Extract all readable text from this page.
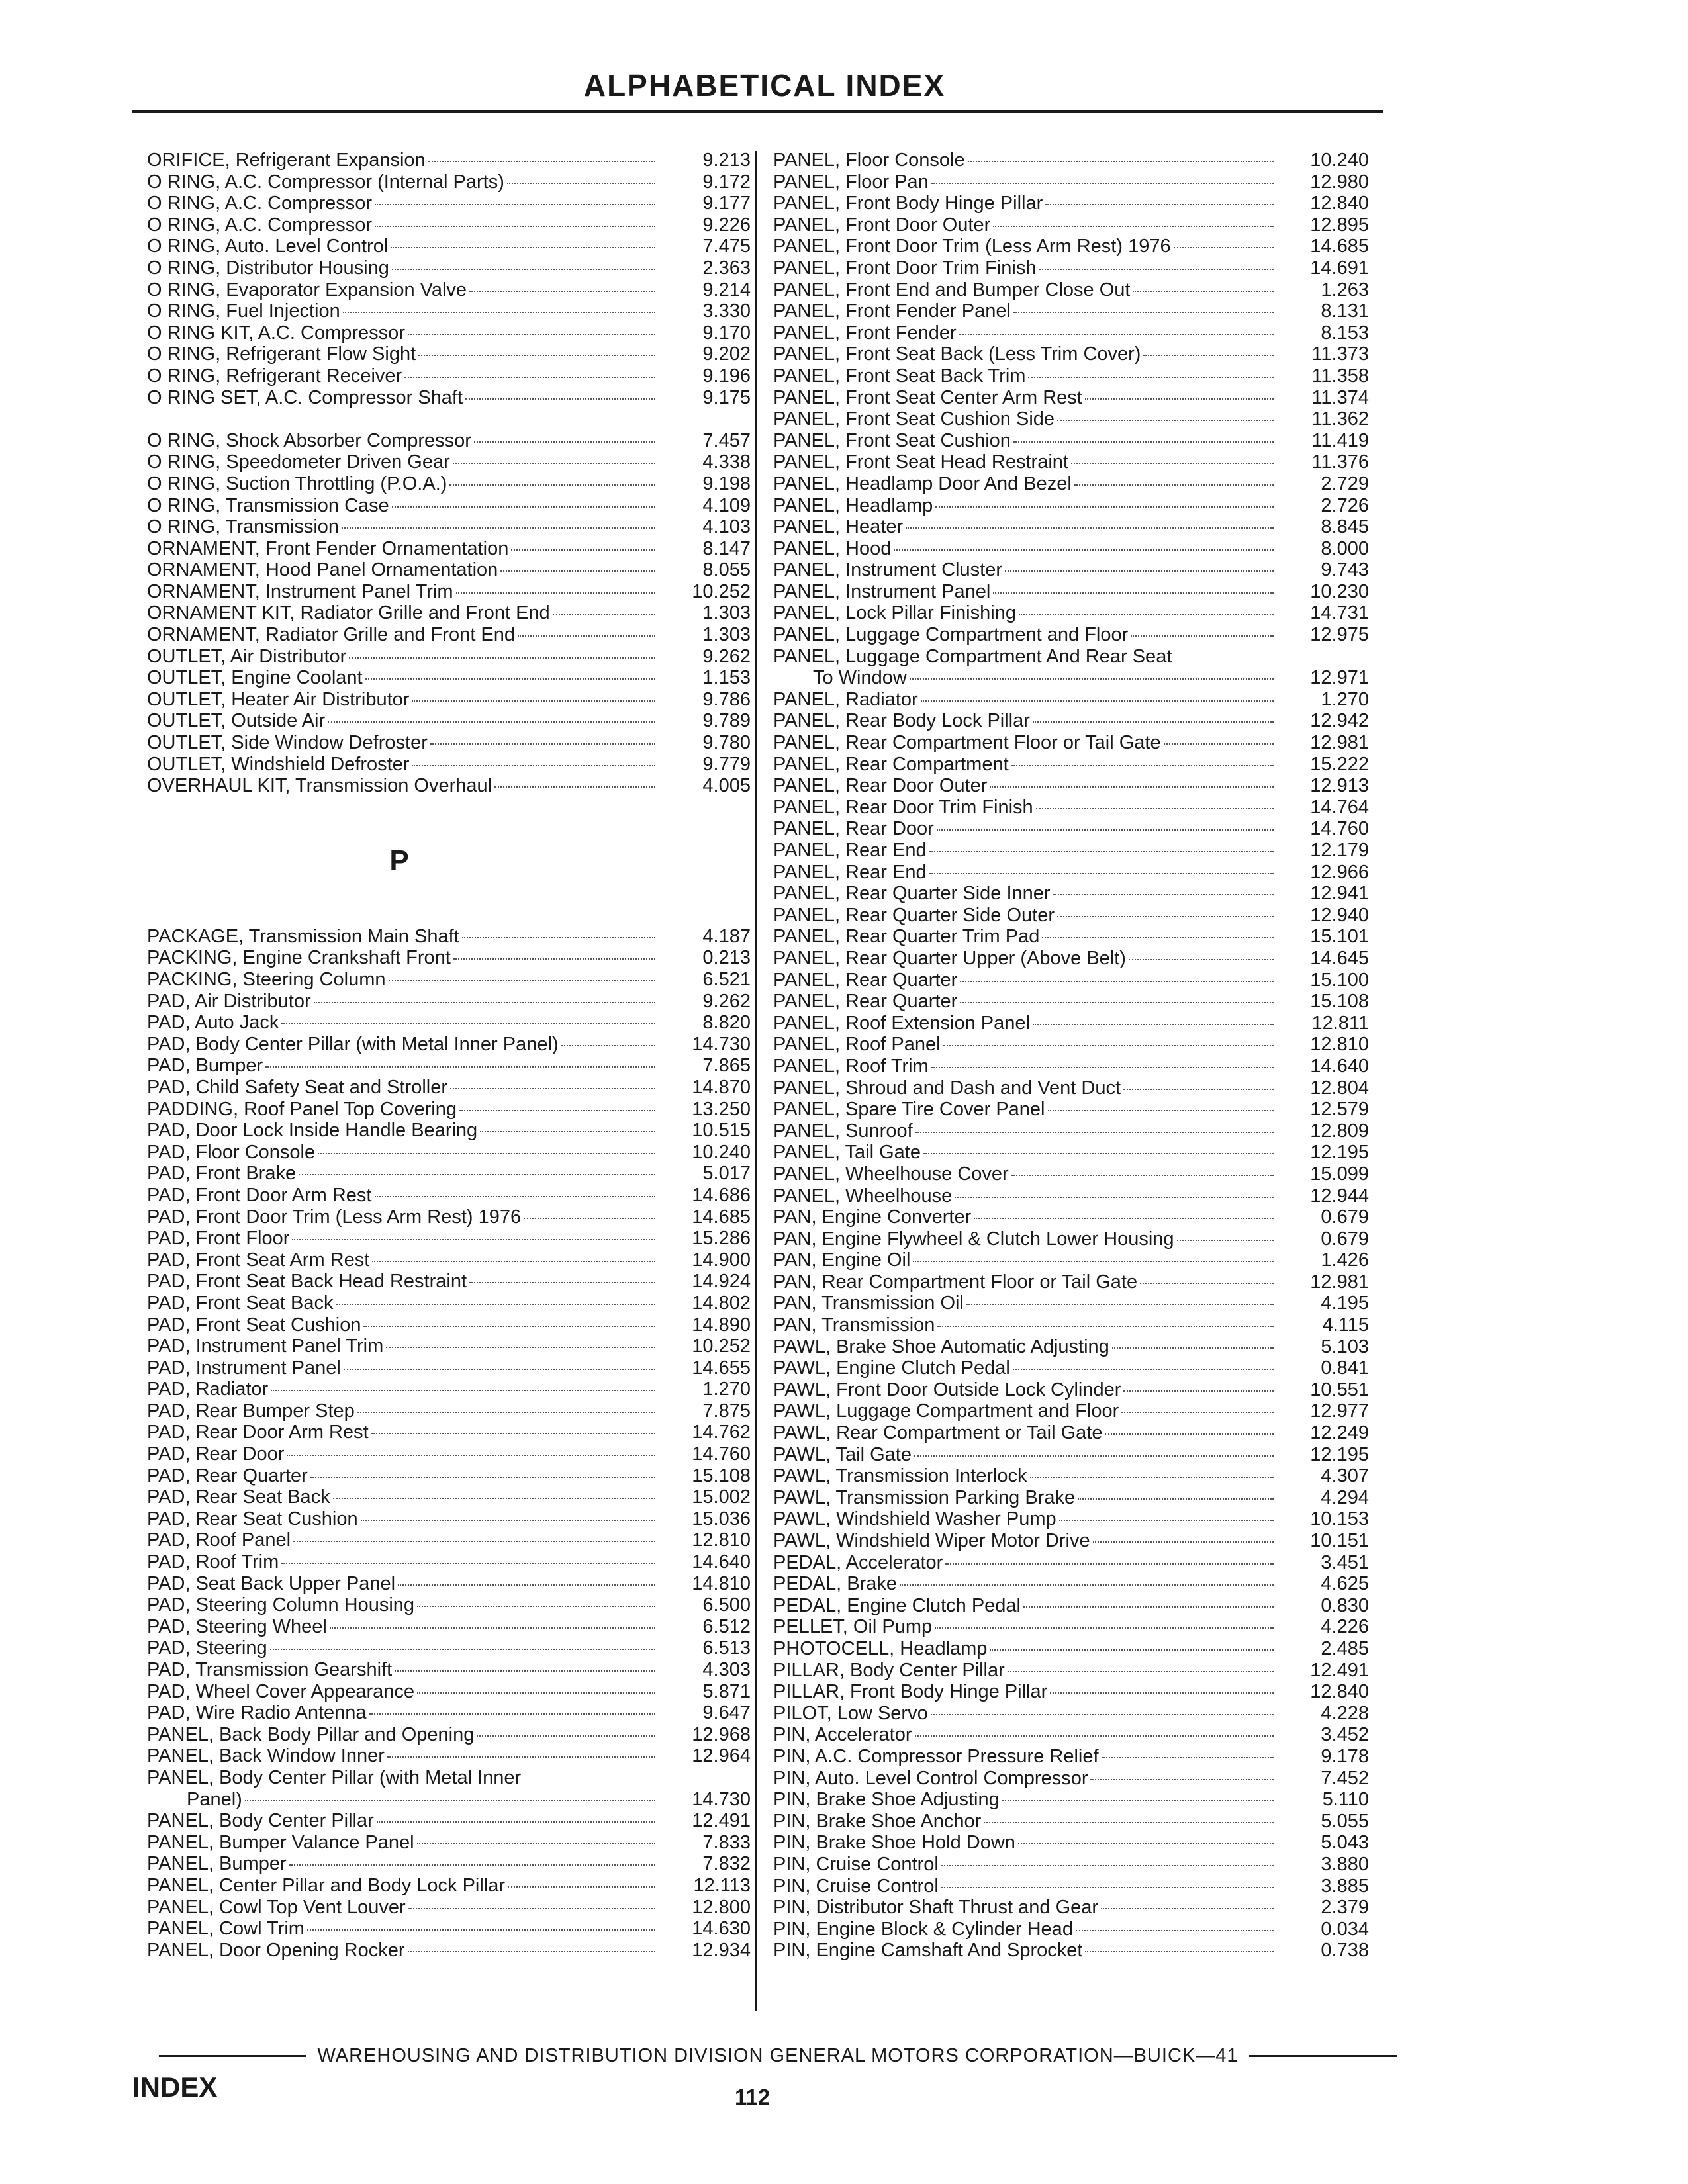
ALPHABETICAL INDEX
ORIFICE, Refrigerant Expansion	9.213
O RING, A.C. Compressor (Internal Parts)	9.172
O RING, A.C. Compressor	9.177
O RING, A.C. Compressor	9.226
O RING, Auto. Level Control	7.475
O RING, Distributor Housing	2.363
O RING, Evaporator Expansion Valve	9.214
O RING, Fuel Injection	3.330
O RING KIT, A.C. Compressor	9.170
O RING, Refrigerant Flow Sight	9.202
O RING, Refrigerant Receiver	9.196
O RING SET, A.C. Compressor Shaft	9.175
O RING, Shock Absorber Compressor	7.457
O RING, Speedometer Driven Gear	4.338
O RING, Suction Throttling (P.O.A.)	9.198
O RING, Transmission Case	4.109
O RING, Transmission	4.103
ORNAMENT, Front Fender Ornamentation	8.147
ORNAMENT, Hood Panel Ornamentation	8.055
ORNAMENT, Instrument Panel Trim	10.252
ORNAMENT KIT, Radiator Grille and Front End	1.303
ORNAMENT, Radiator Grille and Front End	1.303
OUTLET, Air Distributor	9.262
OUTLET, Engine Coolant	1.153
OUTLET, Heater Air Distributor	9.786
OUTLET, Outside Air	9.789
OUTLET, Side Window Defroster	9.780
OUTLET, Windshield Defroster	9.779
OVERHAUL KIT, Transmission Overhaul	4.005
P
PACKAGE, Transmission Main Shaft	4.187
PACKING, Engine Crankshaft Front	0.213
PACKING, Steering Column	6.521
PAD, Air Distributor	9.262
PAD, Auto Jack	8.820
PAD, Body Center Pillar (with Metal Inner Panel)	14.730
PAD, Bumper	7.865
PAD, Child Safety Seat and Stroller	14.870
PADDING, Roof Panel Top Covering	13.250
PAD, Door Lock Inside Handle Bearing	10.515
PAD, Floor Console	10.240
PAD, Front Brake	5.017
PAD, Front Door Arm Rest	14.686
PAD, Front Door Trim (Less Arm Rest) 1976	14.685
PAD, Front Floor	15.286
PAD, Front Seat Arm Rest	14.900
PAD, Front Seat Back Head Restraint	14.924
PAD, Front Seat Back	14.802
PAD, Front Seat Cushion	14.890
PAD, Instrument Panel Trim	10.252
PAD, Instrument Panel	14.655
PAD, Radiator	1.270
PAD, Rear Bumper Step	7.875
PAD, Rear Door Arm Rest	14.762
PAD, Rear Door	14.760
PAD, Rear Quarter	15.108
PAD, Rear Seat Back	15.002
PAD, Rear Seat Cushion	15.036
PAD, Roof Panel	12.810
PAD, Roof Trim	14.640
PAD, Seat Back Upper Panel	14.810
PAD, Steering Column Housing	6.500
PAD, Steering Wheel	6.512
PAD, Steering	6.513
PAD, Transmission Gearshift	4.303
PAD, Wheel Cover Appearance	5.871
PAD, Wire Radio Antenna	9.647
PANEL, Back Body Pillar and Opening	12.968
PANEL, Back Window Inner	12.964
PANEL, Body Center Pillar (with Metal Inner
Panel)	14.730
PANEL, Body Center Pillar	12.491
PANEL, Bumper Valance Panel	7.833
PANEL, Bumper	7.832
PANEL, Center Pillar and Body Lock Pillar	12.113
PANEL, Cowl Top Vent Louver	12.800
PANEL, Cowl Trim	14.630
PANEL, Door Opening Rocker	12.934
PANEL, Floor Console	10.240
PANEL, Floor Pan	12.980
PANEL, Front Body Hinge Pillar	12.840
PANEL, Front Door Outer	12.895
PANEL, Front Door Trim (Less Arm Rest) 1976	14.685
PANEL, Front Door Trim Finish	14.691
PANEL, Front End and Bumper Close Out	1.263
PANEL, Front Fender Panel	8.131
PANEL, Front Fender	8.153
PANEL, Front Seat Back (Less Trim Cover)	11.373
PANEL, Front Seat Back Trim	11.358
PANEL, Front Seat Center Arm Rest	11.374
PANEL, Front Seat Cushion Side	11.362
PANEL, Front Seat Cushion	11.419
PANEL, Front Seat Head Restraint	11.376
PANEL, Headlamp Door And Bezel	2.729
PANEL, Headlamp	2.726
PANEL, Heater	8.845
PANEL, Hood	8.000
PANEL, Instrument Cluster	9.743
PANEL, Instrument Panel	10.230
PANEL, Lock Pillar Finishing	14.731
PANEL, Luggage Compartment and Floor	12.975
PANEL, Luggage Compartment And Rear Seat
To Window	12.971
PANEL, Radiator	1.270
PANEL, Rear Body Lock Pillar	12.942
PANEL, Rear Compartment Floor or Tail Gate	12.981
PANEL, Rear Compartment	15.222
PANEL, Rear Door Outer	12.913
PANEL, Rear Door Trim Finish	14.764
PANEL, Rear Door	14.760
PANEL, Rear End	12.179
PANEL, Rear End	12.966
PANEL, Rear Quarter Side Inner	12.941
PANEL, Rear Quarter Side Outer	12.940
PANEL, Rear Quarter Trim Pad	15.101
PANEL, Rear Quarter Upper (Above Belt)	14.645
PANEL, Rear Quarter	15.100
PANEL, Rear Quarter	15.108
PANEL, Roof Extension Panel	12.811
PANEL, Roof Panel	12.810
PANEL, Roof Trim	14.640
PANEL, Shroud and Dash and Vent Duct	12.804
PANEL, Spare Tire Cover Panel	12.579
PANEL, Sunroof	12.809
PANEL, Tail Gate	12.195
PANEL, Wheelhouse Cover	15.099
PANEL, Wheelhouse	12.944
PAN, Engine Converter	0.679
PAN, Engine Flywheel & Clutch Lower Housing	0.679
PAN, Engine Oil	1.426
PAN, Rear Compartment Floor or Tail Gate	12.981
PAN, Transmission Oil	4.195
PAN, Transmission	4.115
PAWL, Brake Shoe Automatic Adjusting	5.103
PAWL, Engine Clutch Pedal	0.841
PAWL, Front Door Outside Lock Cylinder	10.551
PAWL, Luggage Compartment and Floor	12.977
PAWL, Rear Compartment or Tail Gate	12.249
PAWL, Tail Gate	12.195
PAWL, Transmission Interlock	4.307
PAWL, Transmission Parking Brake	4.294
PAWL, Windshield Washer Pump	10.153
PAWL, Windshield Wiper Motor Drive	10.151
PEDAL, Accelerator	3.451
PEDAL, Brake	4.625
PEDAL, Engine Clutch Pedal	0.830
PELLET, Oil Pump	4.226
PHOTOCELL, Headlamp	2.485
PILLAR, Body Center Pillar	12.491
PILLAR, Front Body Hinge Pillar	12.840
PILOT, Low Servo	4.228
PIN, Accelerator	3.452
PIN, A.C. Compressor Pressure Relief	9.178
PIN, Auto. Level Control Compressor	7.452
PIN, Brake Shoe Adjusting	5.110
PIN, Brake Shoe Anchor	5.055
PIN, Brake Shoe Hold Down	5.043
PIN, Cruise Control	3.880
PIN, Cruise Control	3.885
PIN, Distributor Shaft Thrust and Gear	2.379
PIN, Engine Block & Cylinder Head	0.034
PIN, Engine Camshaft And Sprocket	0.738
WAREHOUSING AND DISTRIBUTION DIVISION GENERAL MOTORS CORPORATION—BUICK—41
INDEX	112
